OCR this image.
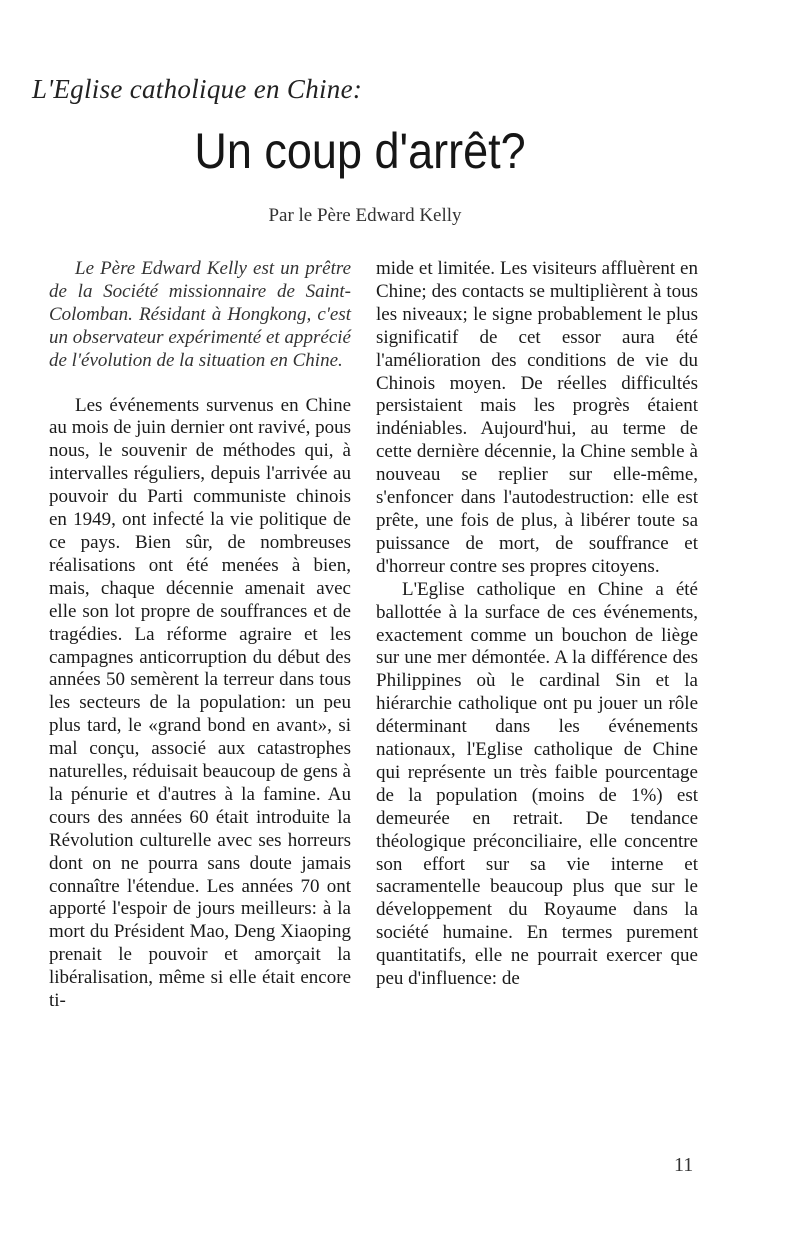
L'Eglise catholique en Chine:
Un coup d'arrêt?
Par le Père Edward Kelly

Le Père Edward Kelly est un prêtre de la Société missionnaire de Saint-Colomban. Résidant à Hongkong, c'est un observateur expérimenté et apprécié de l'évolution de la situation en Chine.

Les événements survenus en Chine au mois de juin dernier ont ravivé, pous nous, le souvenir de méthodes qui, à intervalles réguliers, depuis l'arrivée au pouvoir du Parti communiste chinois en 1949, ont infecté la vie politique de ce pays. Bien sûr, de nombreuses réalisations ont été menées à bien, mais, chaque décennie amenait avec elle son lot propre de souffrances et de tragédies. La réforme agraire et les campagnes anticorruption du début des années 50 semèrent la terreur dans tous les secteurs de la population: un peu plus tard, le «grand bond en avant», si mal conçu, associé aux catastrophes naturelles, réduisait beaucoup de gens à la pénurie et d'autres à la famine. Au cours des années 60 était introduite la Révolution culturelle avec ses horreurs dont on ne pourra sans doute jamais connaître l'étendue. Les années 70 ont apporté l'espoir de jours meilleurs: à la mort du Président Mao, Deng Xiaoping prenait le pouvoir et amorçait la libéralisation, même si elle était encore ti-

mide et limitée. Les visiteurs affluèrent en Chine; des contacts se multiplièrent à tous les niveaux; le signe probablement le plus significatif de cet essor aura été l'amélioration des conditions de vie du Chinois moyen. De réelles difficultés persistaient mais les progrès étaient indéniables. Aujourd'hui, au terme de cette dernière décennie, la Chine semble à nouveau se replier sur elle-même, s'enfoncer dans l'autodestruction: elle est prête, une fois de plus, à libérer toute sa puissance de mort, de souffrance et d'horreur contre ses propres citoyens.

L'Eglise catholique en Chine a été ballottée à la surface de ces événements, exactement comme un bouchon de liège sur une mer démontée. A la différence des Philippines où le cardinal Sin et la hiérarchie catholique ont pu jouer un rôle déterminant dans les événements nationaux, l'Eglise catholique de Chine qui représente un très faible pourcentage de la population (moins de 1%) est demeurée en retrait. De tendance théologique préconciliaire, elle concentre son effort sur sa vie interne et sacramentelle beaucoup plus que sur le développement du Royaume dans la société humaine. En termes purement quantitatifs, elle ne pourrait exercer que peu d'influence: de

11
